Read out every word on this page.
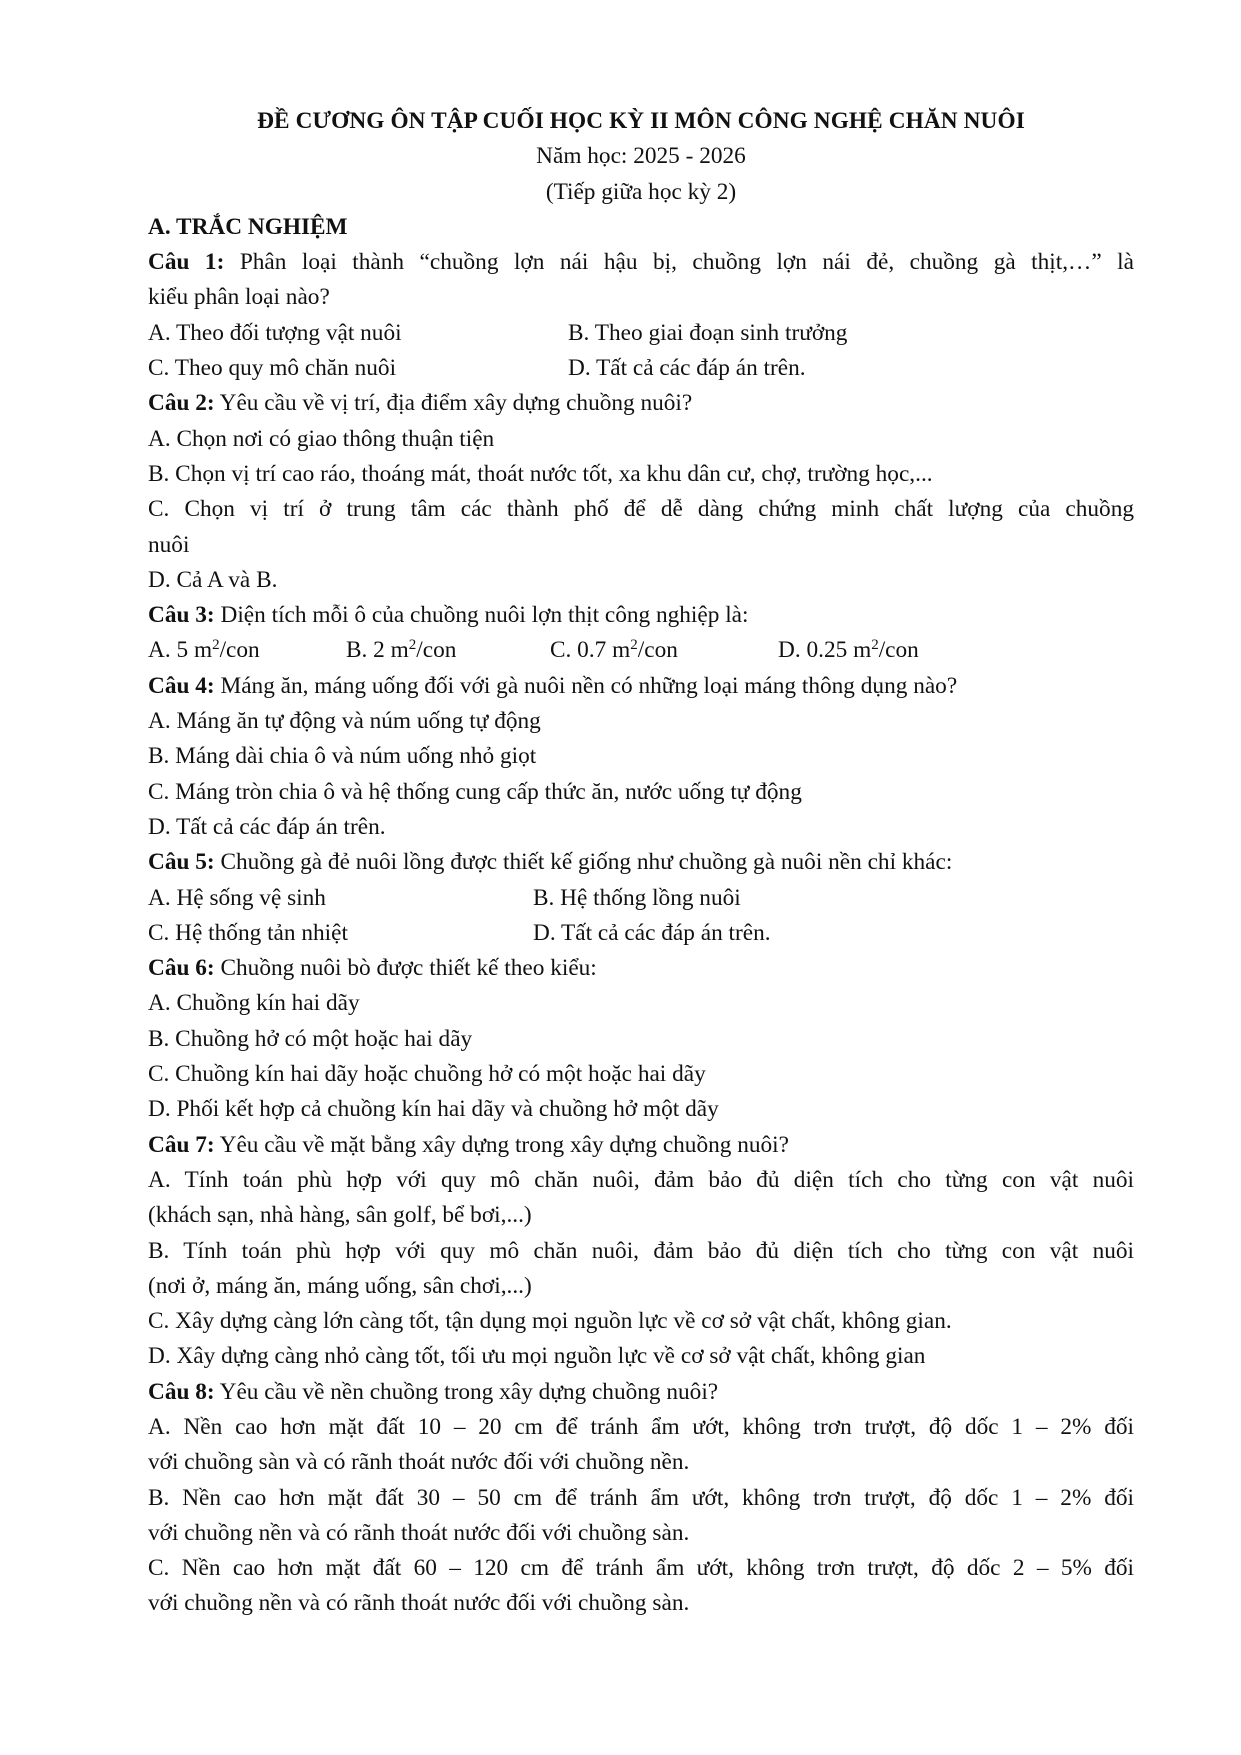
ĐỀ CƯƠNG ÔN TẬP CUỐI HỌC KỲ II MÔN CÔNG NGHỆ CHĂN NUÔI
Năm học: 2025 - 2026
(Tiếp giữa học kỳ 2)
A. TRẮC NGHIỆM
Câu 1: Phân loại thành “chuồng lợn nái hậu bị, chuồng lợn nái đẻ, chuồng gà thịt,…” là
kiểu phân loại nào?
A. Theo đối tượng vật nuôi	B. Theo giai đoạn sinh trưởng
C. Theo quy mô chăn nuôi	D. Tất cả các đáp án trên.
Câu 2: Yêu cầu về vị trí, địa điểm xây dựng chuồng nuôi?
A. Chọn nơi có giao thông thuận tiện
B. Chọn vị trí cao ráo, thoáng mát, thoát nước tốt, xa khu dân cư, chợ, trường học,...
C. Chọn vị trí ở trung tâm các thành phố để dễ dàng chứng minh chất lượng của chuồng
nuôi
D. Cả A và B.
Câu 3: Diện tích mỗi ô của chuồng nuôi lợn thịt công nghiệp là:
A. 5 $m^2$/con	B. 2 $m^2$/con	C. 0.7 $m^2$/con	D. 0.25 $m^2$/con
Câu 4: Máng ăn, máng uống đối với gà nuôi nền có những loại máng thông dụng nào?
A. Máng ăn tự động và núm uống tự động
B. Máng dài chia ô và núm uống nhỏ giọt
C. Máng tròn chia ô và hệ thống cung cấp thức ăn, nước uống tự động
D. Tất cả các đáp án trên.
Câu 5: Chuồng gà đẻ nuôi lồng được thiết kế giống như chuồng gà nuôi nền chỉ khác:
A. Hệ sống vệ sinh	B. Hệ thống lồng nuôi
C. Hệ thống tản nhiệt	D. Tất cả các đáp án trên.
Câu 6: Chuồng nuôi bò được thiết kế theo kiểu:
A. Chuồng kín hai dãy
B. Chuồng hở có một hoặc hai dãy
C. Chuồng kín hai dãy hoặc chuồng hở có một hoặc hai dãy
D. Phối kết hợp cả chuồng kín hai dãy và chuồng hở một dãy
Câu 7: Yêu cầu về mặt bằng xây dựng trong xây dựng chuồng nuôi?
A. Tính toán phù hợp với quy mô chăn nuôi, đảm bảo đủ diện tích cho từng con vật nuôi
(khách sạn, nhà hàng, sân golf, bể bơi,...)
B. Tính toán phù hợp với quy mô chăn nuôi, đảm bảo đủ diện tích cho từng con vật nuôi
(nơi ở, máng ăn, máng uống, sân chơi,...)
C. Xây dựng càng lớn càng tốt, tận dụng mọi nguồn lực về cơ sở vật chất, không gian.
D. Xây dựng càng nhỏ càng tốt, tối ưu mọi nguồn lực về cơ sở vật chất, không gian
Câu 8: Yêu cầu về nền chuồng trong xây dựng chuồng nuôi?
A. Nền cao hơn mặt đất 10 – 20 cm để tránh ẩm ướt, không trơn trượt, độ dốc 1 – 2% đối
với chuồng sàn và có rãnh thoát nước đối với chuồng nền.
B. Nền cao hơn mặt đất 30 – 50 cm để tránh ẩm ướt, không trơn trượt, độ dốc 1 – 2% đối
với chuồng nền và có rãnh thoát nước đối với chuồng sàn.
C. Nền cao hơn mặt đất 60 – 120 cm để tránh ẩm ướt, không trơn trượt, độ dốc 2 – 5% đối
với chuồng nền và có rãnh thoát nước đối với chuồng sàn.
